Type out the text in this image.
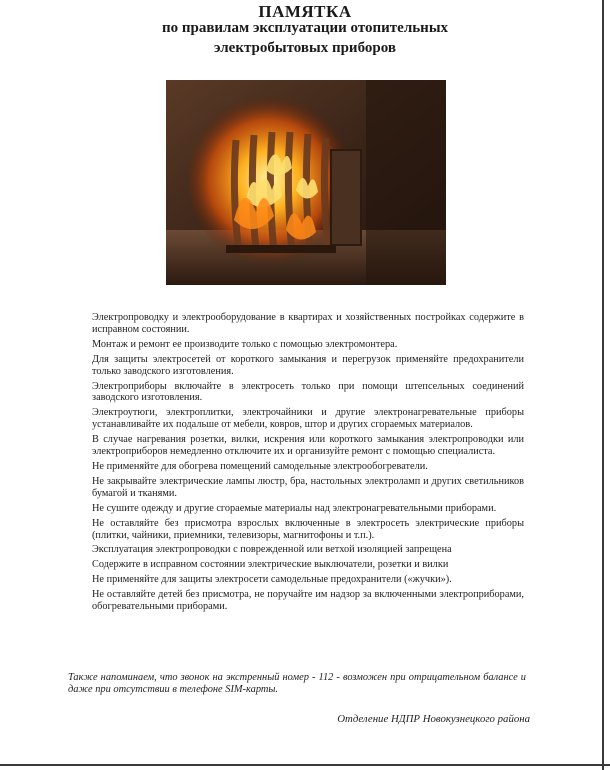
ПАМЯТКА
по правилам эксплуатации отопительных
электробытовых приборов

Электропроводку и электрооборудование в квартирах и хозяйственных постройках содержите в исправном состоянии.

Монтаж и ремонт ее производите только с помощью электромонтера.

Для защиты электросетей от короткого замыкания и перегрузок применяйте предохранители только заводского изготовления.

Электроприборы включайте в электросеть только при помощи штепсельных соединений заводского изготовления.

Электроутюги, электроплитки, электрочайники и другие электронагревательные приборы устанавливайте их подальше от мебели, ковров, штор и других сгораемых материалов.

В случае нагревания розетки, вилки, искрения или короткого замыкания электропроводки или электроприборов немедленно отключите их и организуйте ремонт с помощью специалиста.

Не применяйте для обогрева помещений самодельные электрообогреватели.

Не закрывайте электрические лампы люстр, бра, настольных электроламп и других светильников бумагой и тканями.

Не сушите одежду и другие сгораемые материалы над электронагревательными приборами.

Не оставляйте без присмотра взрослых включенные в электросеть электрические приборы (плитки, чайники, приемники, телевизоры, магнитофоны и т.п.).

Эксплуатация электропроводки с поврежденной или ветхой изоляцией запрещена

Содержите в исправном состоянии электрические выключатели, розетки и вилки

Не применяйте для защиты электросети самодельные предохранители («жучки»).

Не оставляйте детей без присмотра, не поручайте им надзор за включенными электроприборами, обогревательными приборами.

Также напоминаем, что звонок на экстренный номер - 112 - возможен при отрицательном балансе и даже при отсутствии в телефоне SIM-карты.

Отделение НДПР Новокузнецкого района
